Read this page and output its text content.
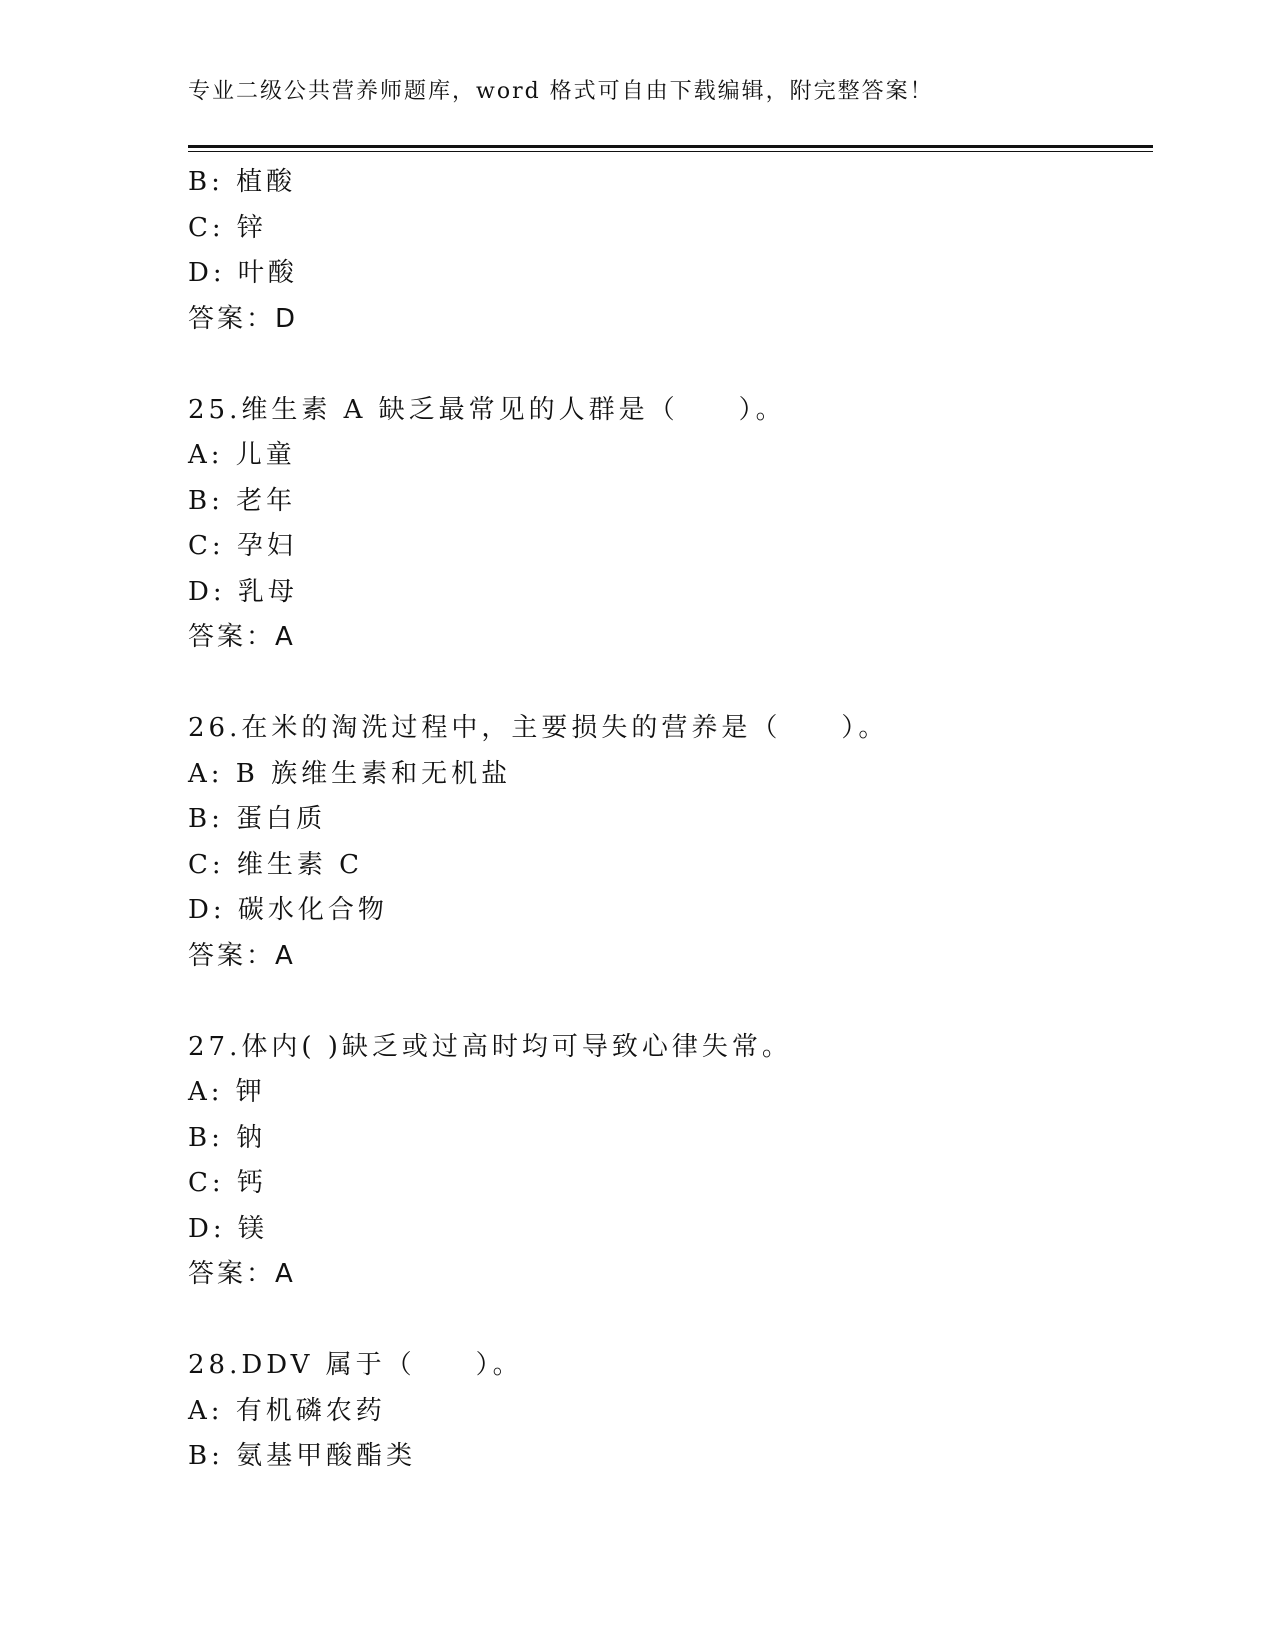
专业二级公共营养师题库，word 格式可自由下载编辑，附完整答案！
B: 植酸
C: 锌
D: 叶酸
答案：D
25.维生素 A 缺乏最常见的人群是（　　）。
A: 儿童
B: 老年
C: 孕妇
D: 乳母
答案：A
26.在米的淘洗过程中，主要损失的营养是（　　）。
A: B 族维生素和无机盐
B: 蛋白质
C: 维生素 C
D: 碳水化合物
答案：A
27.体内( )缺乏或过高时均可导致心律失常。
A: 钾
B: 钠
C: 钙
D: 镁
答案：A
28.DDV 属于（　　）。
A: 有机磷农药
B: 氨基甲酸酯类
